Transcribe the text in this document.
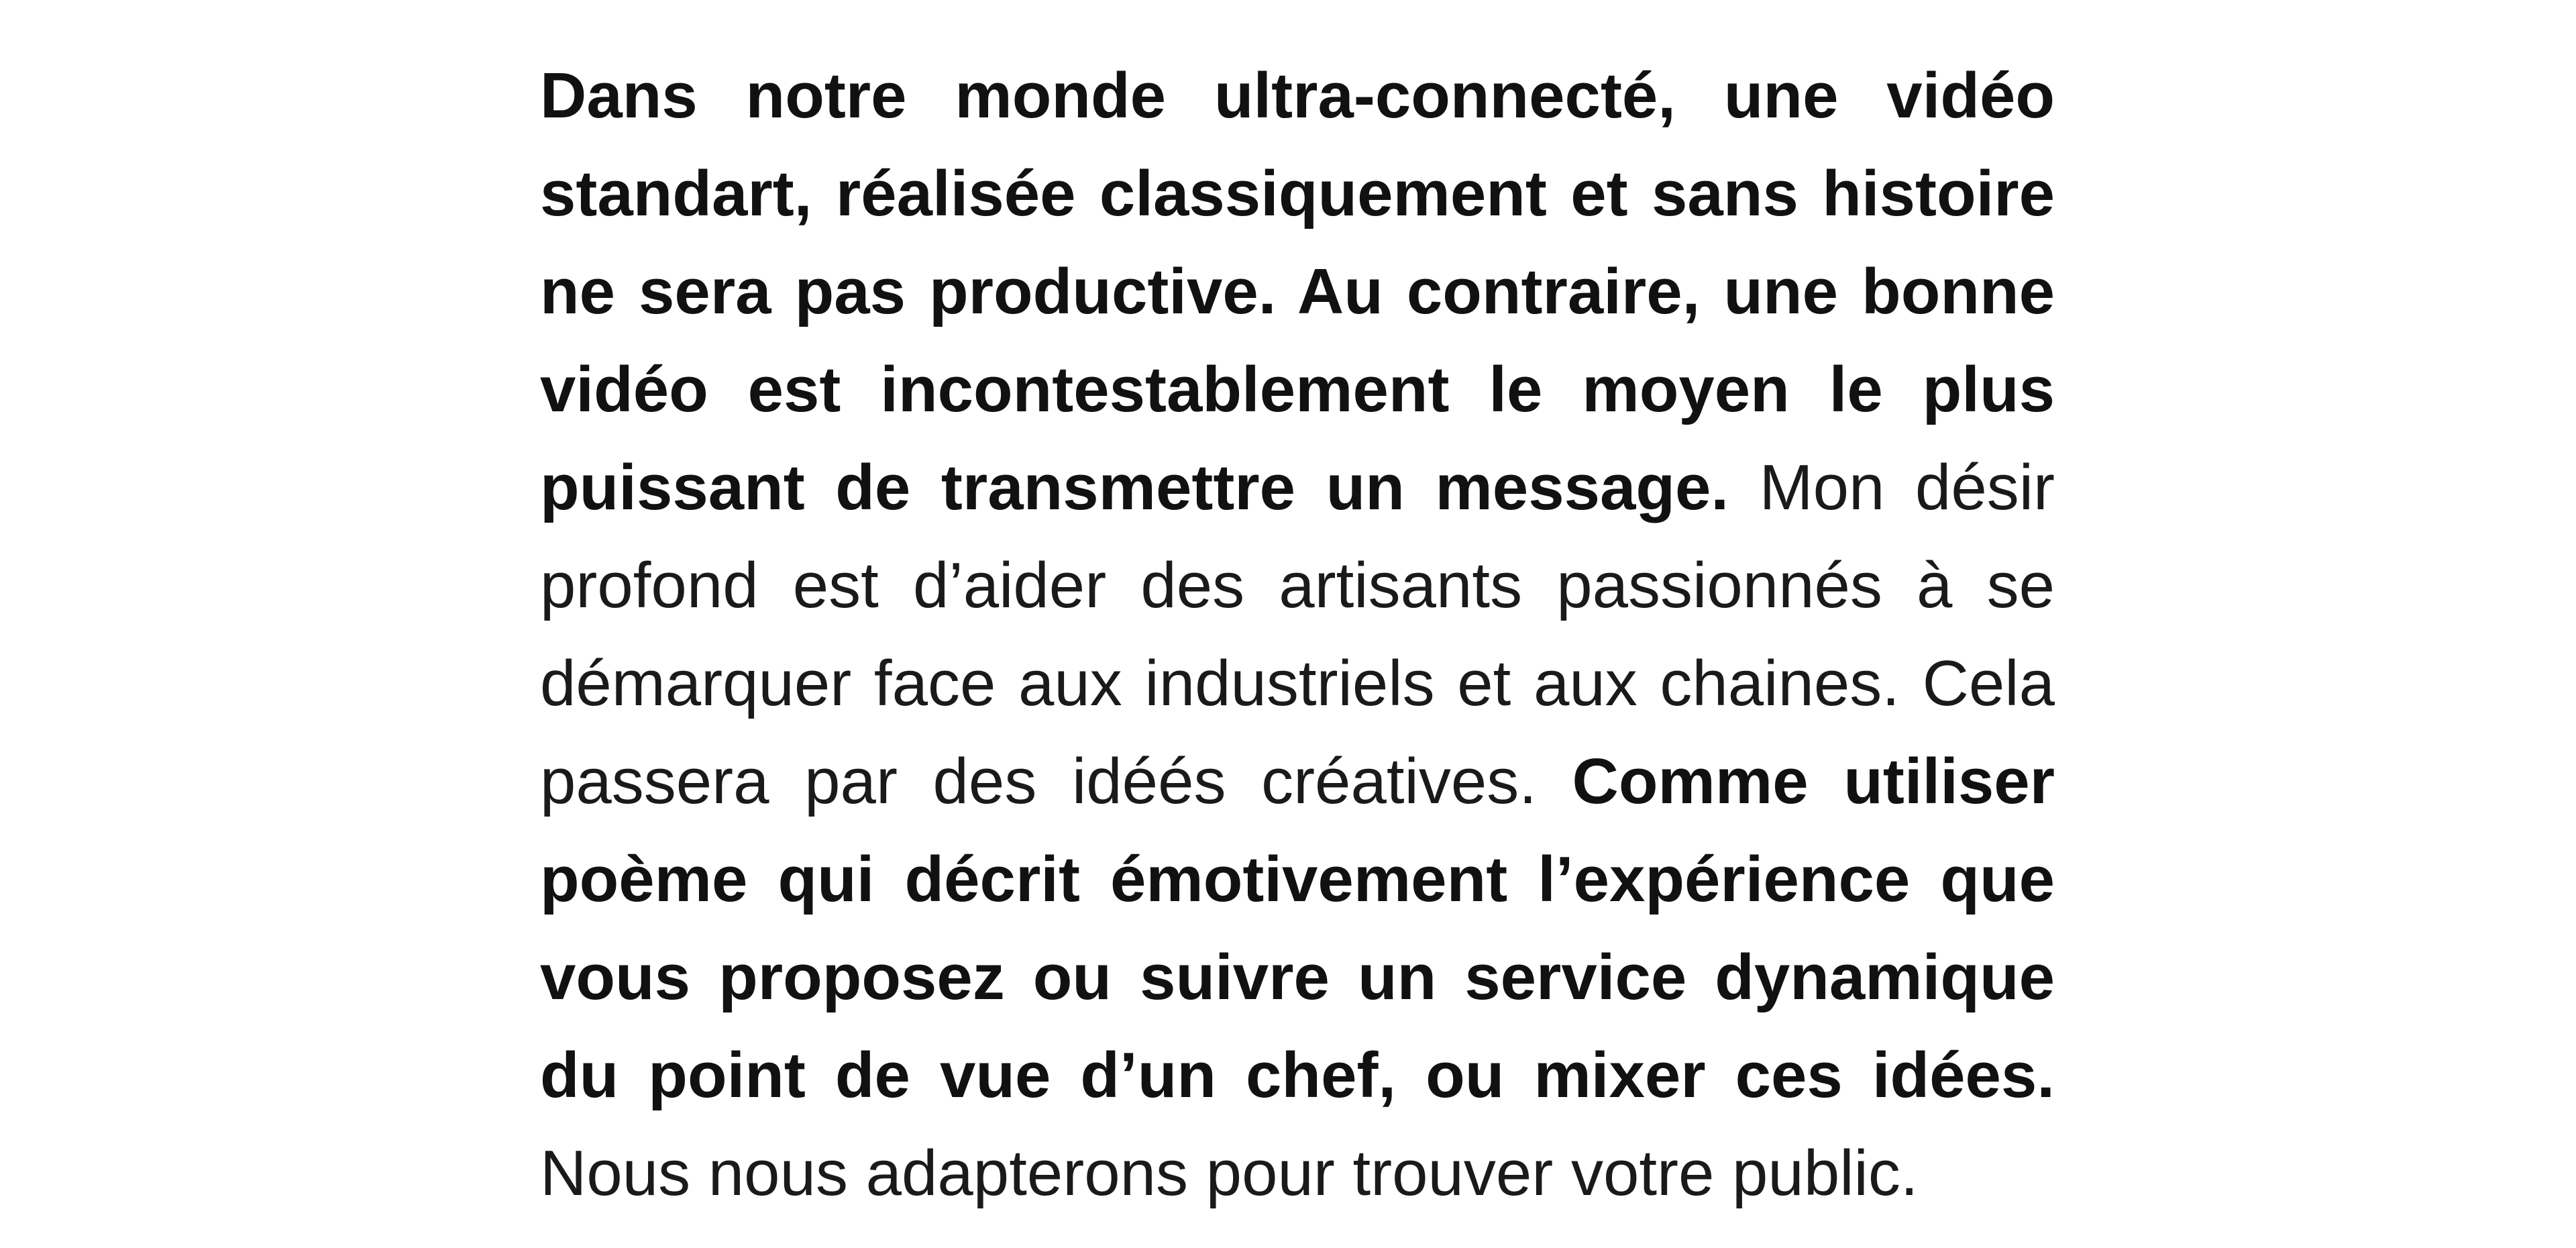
Dans notre monde ultra-connecté, une vidéo standart, réalisée classiquement et sans histoire ne sera pas productive. Au contraire, une bonne vidéo est incontestablement le moyen le plus puissant de transmettre un message. Mon désir profond est d’aider des artisants passionnés à se démarquer face aux industriels et aux chaines. Cela passera par des idéés créatives. Comme utiliser poème qui décrit émotivement l’expérience que vous proposez ou suivre un service dynamique du point de vue d’un chef, ou mixer ces idées. Nous nous adapterons pour trouver votre public.
